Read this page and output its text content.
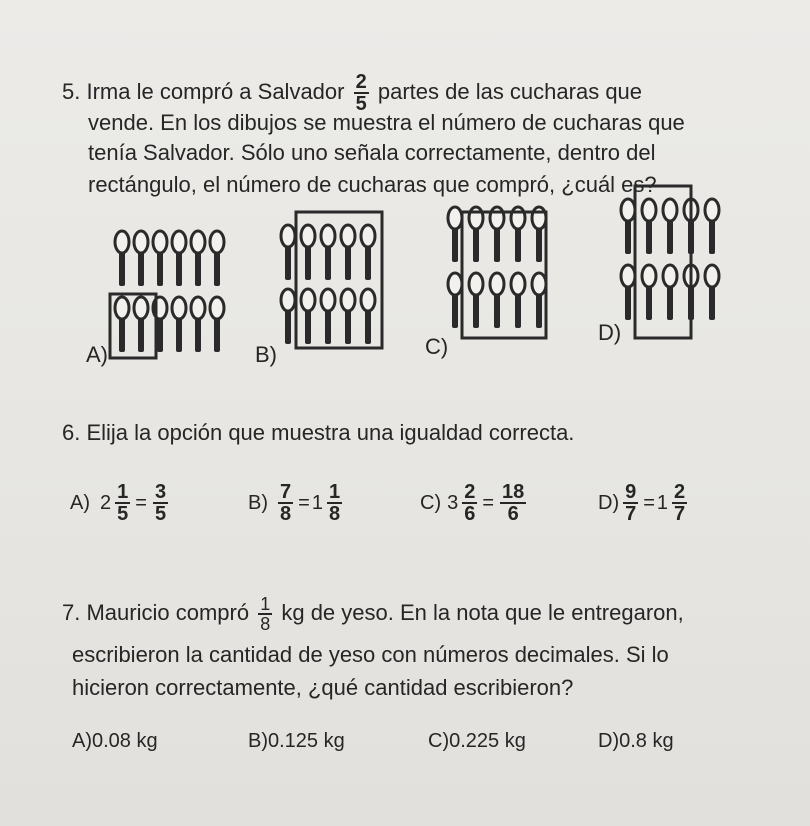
5. Irma le compró a Salvador $\frac{2}{5}$ partes de las cucharas que
vende. En los dibujos se muestra el número de cucharas que
tenía Salvador. Sólo uno señala correctamente, dentro del
rectángulo, el número de cucharas que compró, ¿cuál es?
A)	B)	C)
D)
6. Elija la opción que muestra una igualdad correcta.
A) $2 \frac{1}{5} = \frac{3}{5}$	$B) \frac{7}{8} = 1 \frac{1}{8}$	C) $3 \frac{2}{6} = \frac{18}{6}$	$D) \frac{9}{7} = 1 \frac{2}{7}$
7. Mauricio compró $\frac{1}{8}$ kg de yeso. En la nota que le entregaron,
escribieron la cantidad de yeso con números decimales. Si lo
hicieron correctamente, ¿qué cantidad escribieron?
A)0.08 kg	B)0.125 kg	C)0.225 kg	D)0.8 kg
